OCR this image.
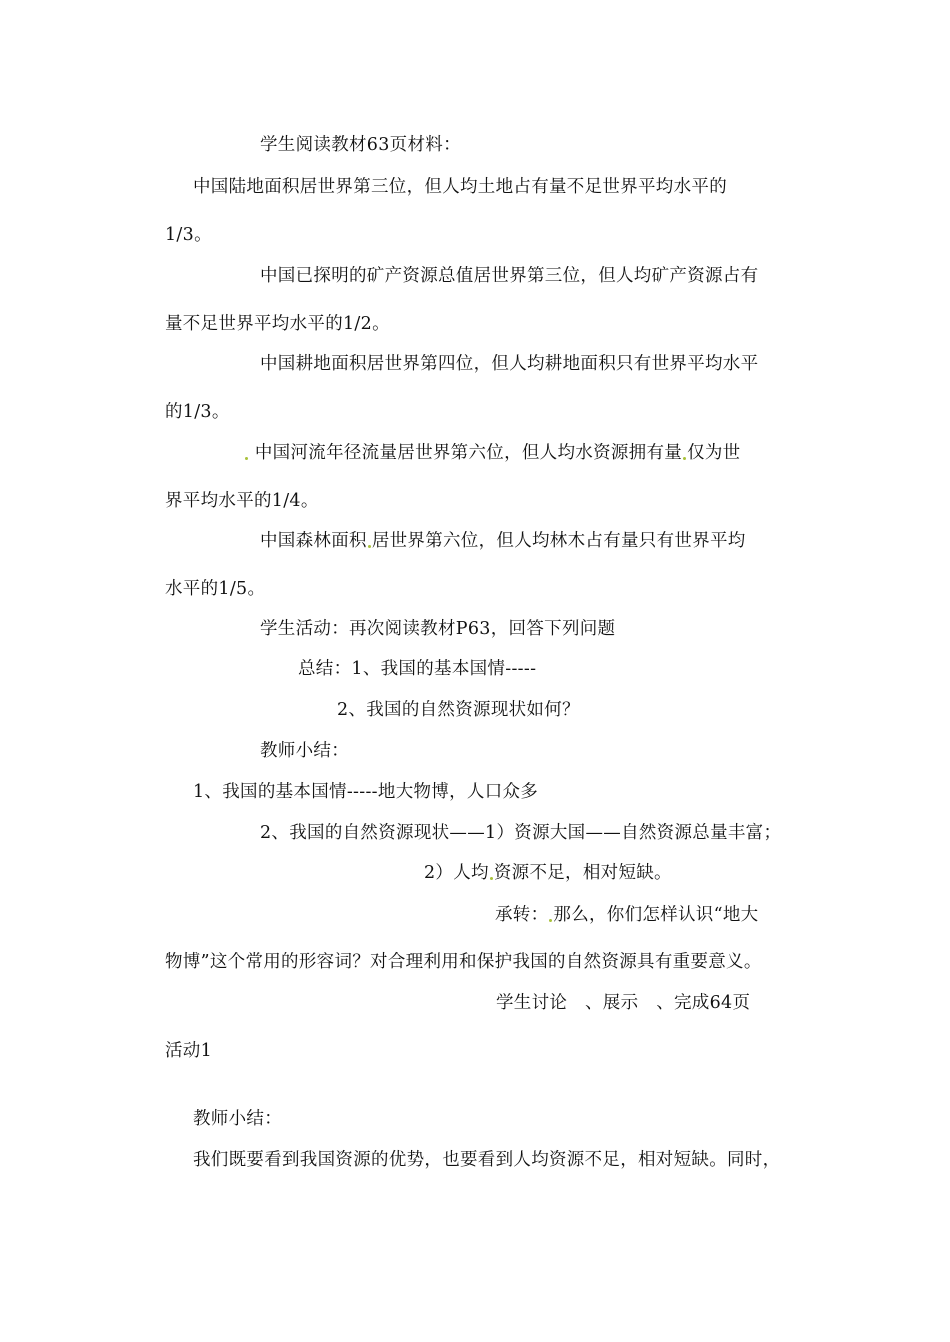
学生阅读教材63页材料：
中国陆地面积居世界第三位，但人均土地占有量不足世界平均水平的
1/3。
中国已探明的矿产资源总值居世界第三位，但人均矿产资源占有
量不足世界平均水平的1/2。
中国耕地面积居世界第四位，但人均耕地面积只有世界平均水平
的1/3。
中国河流年径流量居世界第六位，但人均水资源拥有量 仅为世
界平均水平的1/4。
中国森林面积 居世界第六位，但人均林木占有量只有世界平均
水平的1/5。
学生活动：再次阅读教材P63，回答下列问题
总结：1、我国的基本国情-----
2、我国的自然资源现状如何？
教师小结：
1、我国的基本国情-----地大物博，人口众多
2、我国的自然资源现状——1）资源大国——自然资源总量丰富；
2）人均 资源不足，相对短缺。
承转： 那么，你们怎样认识“地大
物博”这个常用的形容词？对合理利用和保护我国的自然资源具有重要意义。
学生讨论　、展示　、完成64页
活动1
教师小结：
我们既要看到我国资源的优势，也要看到人均资源不足，相对短缺。同时，
